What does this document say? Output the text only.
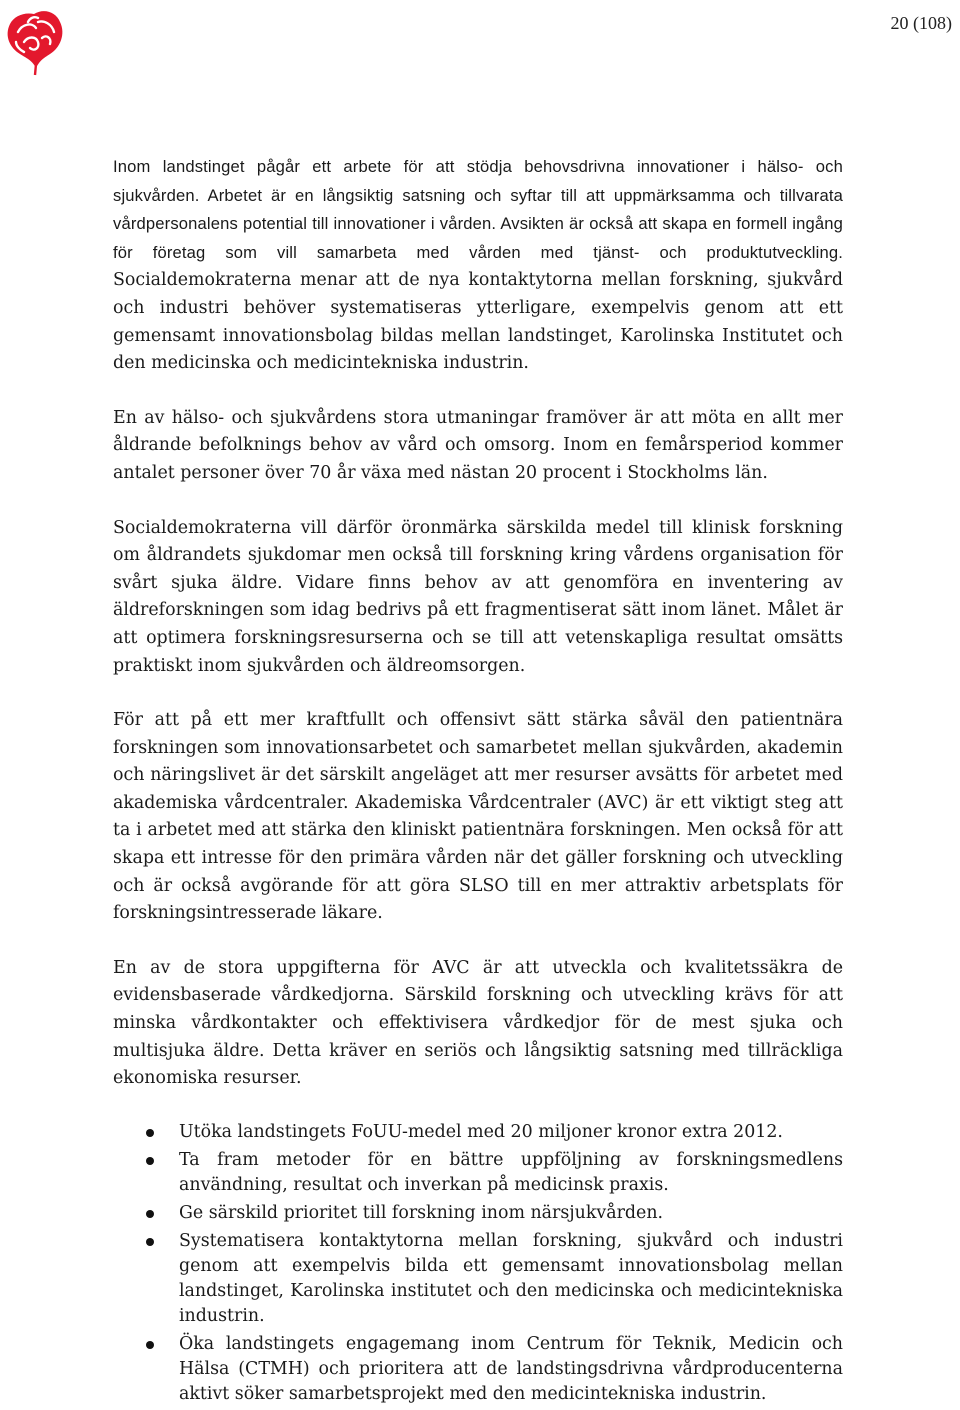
20 (108)

Inom landstinget pågår ett arbete för att stödja behovsdrivna innovationer i hälso- och sjukvården. Arbetet är en långsiktig satsning och syftar till att uppmärksamma och tillvarata vårdpersonalens potential till innovationer i vården. Avsikten är också att skapa en formell ingång för företag som vill samarbeta med vården med tjänst- och produktutveckling. Socialdemokraterna menar att de nya kontaktytorna mellan forskning, sjukvård och industri behöver systematiseras ytterligare, exempelvis genom att ett gemensamt innovationsbolag bildas mellan landstinget, Karolinska Institutet och den medicinska och medicintekniska industrin.

En av hälso- och sjukvårdens stora utmaningar framöver är att möta en allt mer åldrande befolknings behov av vård och omsorg. Inom en femårsperiod kommer antalet personer över 70 år växa med nästan 20 procent i Stockholms län.

Socialdemokraterna vill därför öronmärka särskilda medel till klinisk forskning om åldrandets sjukdomar men också till forskning kring vårdens organisation för svårt sjuka äldre. Vidare finns behov av att genomföra en inventering av äldreforskningen som idag bedrivs på ett fragmentiserat sätt inom länet. Målet är att optimera forskningsresurserna och se till att vetenskapliga resultat omsätts praktiskt inom sjukvården och äldreomsorgen.

För att på ett mer kraftfullt och offensivt sätt stärka såväl den patientnära forskningen som innovationsarbetet och samarbetet mellan sjukvården, akademin och näringslivet är det särskilt angeläget att mer resurser avsätts för arbetet med akademiska vårdcentraler. Akademiska Vårdcentraler (AVC) är ett viktigt steg att ta i arbetet med att stärka den kliniskt patientnära forskningen. Men också för att skapa ett intresse för den primära vården när det gäller forskning och utveckling och är också avgörande för att göra SLSO till en mer attraktiv arbetsplats för forskningsintresserade läkare.

En av de stora uppgifterna för AVC är att utveckla och kvalitetssäkra de evidensbaserade vårdkedjorna. Särskild forskning och utveckling krävs för att minska vårdkontakter och effektivisera vårdkedjor för de mest sjuka och multisjuka äldre. Detta kräver en seriös och långsiktig satsning med tillräckliga ekonomiska resurser.

Utöka landstingets FoUU-medel med 20 miljoner kronor extra 2012.
Ta fram metoder för en bättre uppföljning av forskningsmedlens användning, resultat och inverkan på medicinsk praxis.
Ge särskild prioritet till forskning inom närsjukvården.
Systematisera kontaktytorna mellan forskning, sjukvård och industri genom att exempelvis bilda ett gemensamt innovationsbolag mellan landstinget, Karolinska institutet och den medicinska och medicintekniska industrin.
Öka landstingets engagemang inom Centrum för Teknik, Medicin och Hälsa (CTMH) och prioritera att de landstingsdrivna vårdproducenterna aktivt söker samarbetsprojekt med den medicintekniska industrin.
